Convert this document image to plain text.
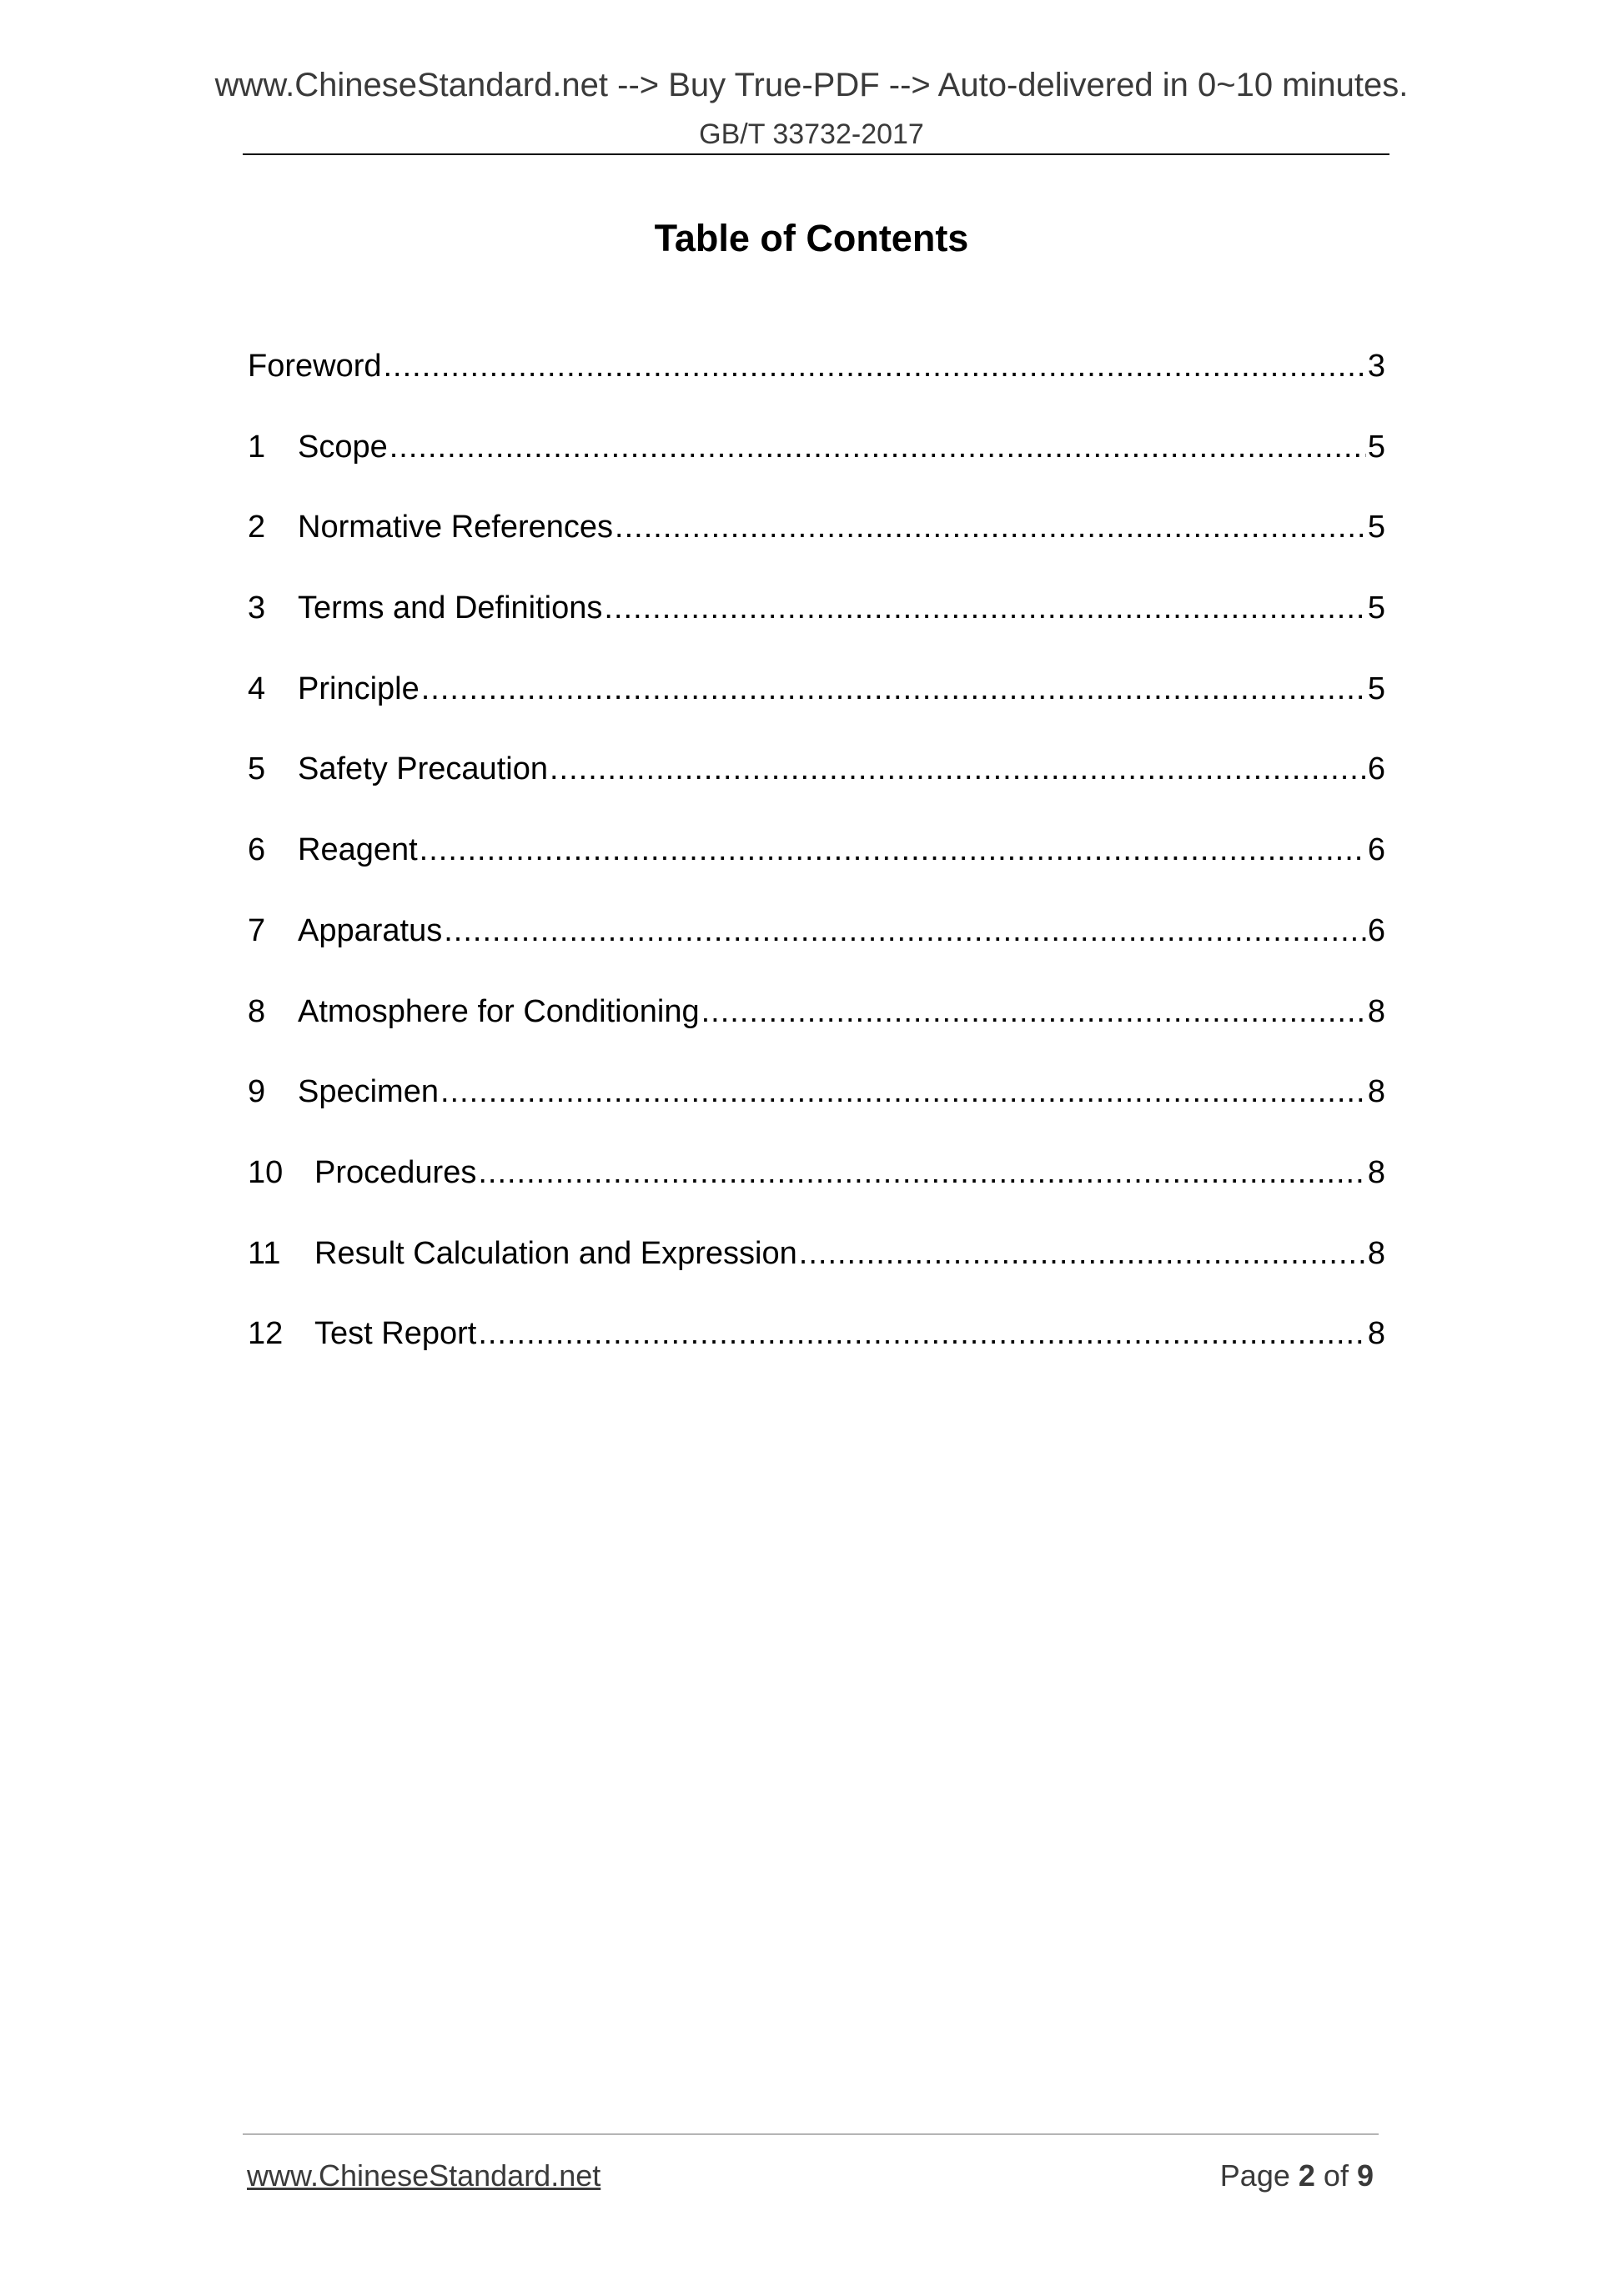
www.ChineseStandard.net --> Buy True-PDF --> Auto-delivered in 0~10 minutes.
GB/T 33732-2017
Table of Contents
Foreword .....	3
1	Scope .....	5
2	Normative References .....	5
3	Terms and Definitions .....	5
4	Principle .....	5
5	Safety Precaution .....	6
6	Reagent .....	6
7	Apparatus .....	6
8	Atmosphere for Conditioning .....	8
9	Specimen .....	8
10 Procedures .....	8
11	Result Calculation and Expression .....	8
12 Test Report .....	8
www.ChineseStandard.net	Page 2 of 9
